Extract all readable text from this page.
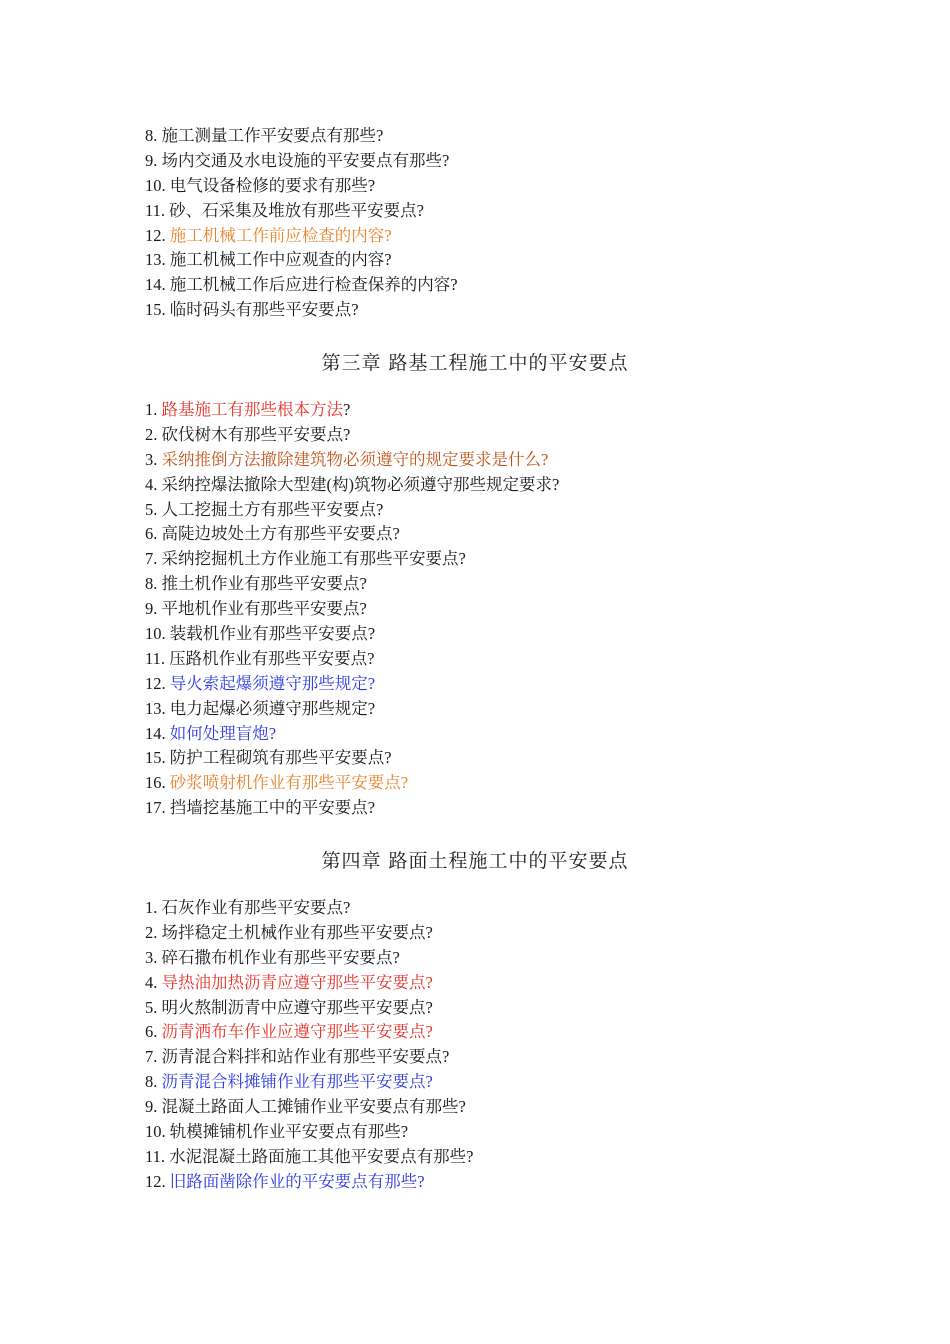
8. 施工测量工作平安要点有那些?
9. 场内交通及水电设施的平安要点有那些?
10. 电气设备检修的要求有那些?
11. 砂、石采集及堆放有那些平安要点?
12. 施工机械工作前应检查的内容?
13. 施工机械工作中应观查的内容?
14. 施工机械工作后应进行检查保养的内容?
15. 临时码头有那些平安要点?
第三章 路基工程施工中的平安要点
1. 路基施工有那些根本方法?
2. 砍伐树木有那些平安要点?
3. 采纳推倒方法撤除建筑物必须遵守的规定要求是什么?
4. 采纳控爆法撤除大型建(构)筑物必须遵守那些规定要求?
5. 人工挖掘土方有那些平安要点?
6. 高陡边坡处土方有那些平安要点?
7. 采纳挖掘机土方作业施工有那些平安要点?
8. 推土机作业有那些平安要点?
9. 平地机作业有那些平安要点?
10. 装载机作业有那些平安要点?
11. 压路机作业有那些平安要点?
12. 导火索起爆须遵守那些规定?
13. 电力起爆必须遵守那些规定?
14. 如何处理盲炮?
15. 防护工程砌筑有那些平安要点?
16. 砂浆喷射机作业有那些平安要点?
17. 挡墙挖基施工中的平安要点?
第四章 路面土程施工中的平安要点
1. 石灰作业有那些平安要点?
2. 场拌稳定土机械作业有那些平安要点?
3. 碎石撒布机作业有那些平安要点?
4. 导热油加热沥青应遵守那些平安要点?
5. 明火熬制沥青中应遵守那些平安要点?
6. 沥青洒布车作业应遵守那些平安要点?
7. 沥青混合料拌和站作业有那些平安要点?
8. 沥青混合料摊铺作业有那些平安要点?
9. 混凝土路面人工摊铺作业平安要点有那些?
10. 轨模摊铺机作业平安要点有那些?
11. 水泥混凝土路面施工其他平安要点有那些?
12. 旧路面凿除作业的平安要点有那些?
